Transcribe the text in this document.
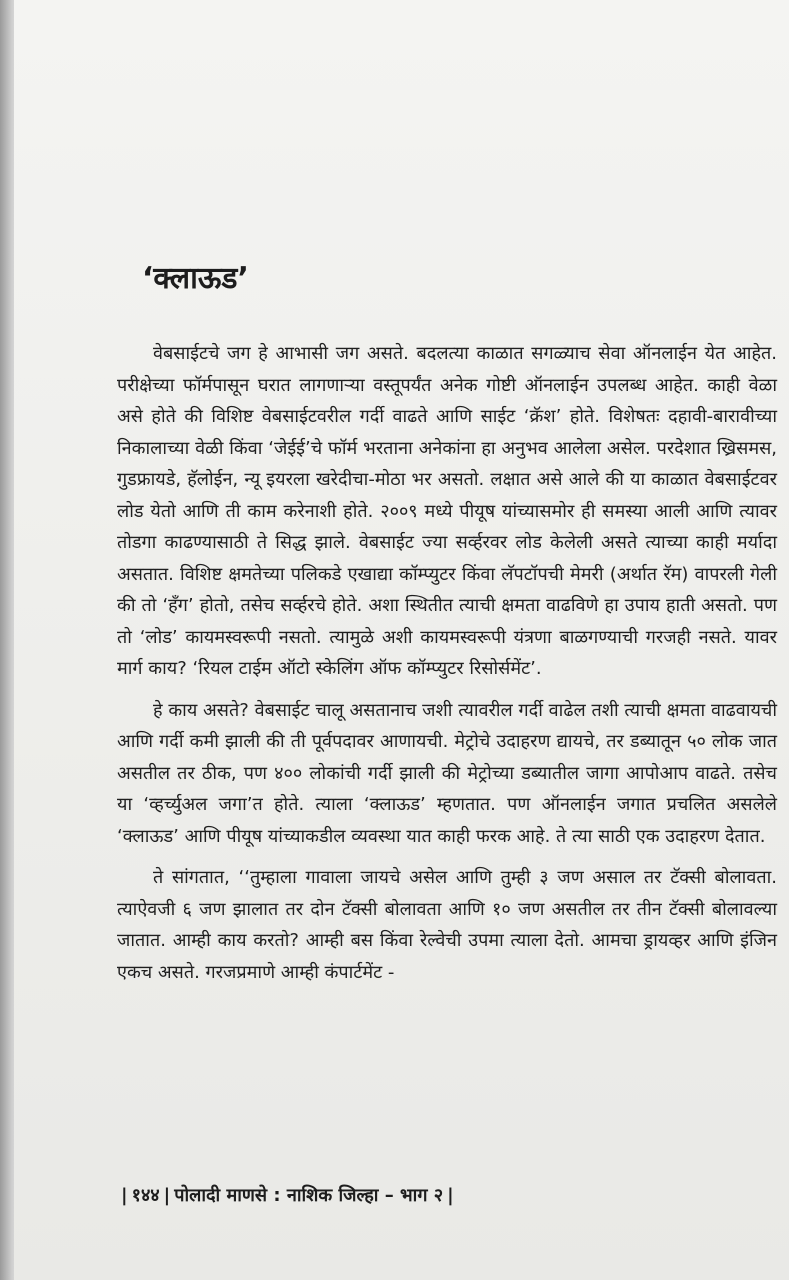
‘क्लाऊड’

वेबसाईटचे जग हे आभासी जग असते. बदलत्या काळात सगळ्याच सेवा ऑनलाईन येत आहेत. परीक्षेच्या फॉर्मपासून घरात लागणाऱ्या वस्तूपर्यंत अनेक गोष्टी ऑनलाईन उपलब्ध आहेत. काही वेळा असे होते की विशिष्ट वेबसाईटवरील गर्दी वाढते आणि साईट ‘क्रॅश’ होते. विशेषतः दहावी-बारावीच्या निकालाच्या वेळी किंवा ‘जेईई’चे फॉर्म भरताना अनेकांना हा अनुभव आलेला असेल. परदेशात ख्रिसमस, गुडफ्रायडे, हॅलोईन, न्यू इयरला खरेदीचा-मोठा भर असतो. लक्षात असे आले की या काळात वेबसाईटवर लोड येतो आणि ती काम करेनाशी होते. २००९ मध्ये पीयूष यांच्यासमोर ही समस्या आली आणि त्यावर तोडगा काढण्यासाठी ते सिद्ध झाले. वेबसाईट ज्या सर्व्हरवर लोड केलेली असते त्याच्या काही मर्यादा असतात. विशिष्ट क्षमतेच्या पलिकडे एखाद्या कॉम्प्युटर किंवा लॅपटॉपची मेमरी (अर्थात रॅम) वापरली गेली की तो ‘हँग’ होतो, तसेच सर्व्हरचे होते. अशा स्थितीत त्याची क्षमता वाढविणे हा उपाय हाती असतो. पण तो ‘लोड’ कायमस्वरूपी नसतो. त्यामुळे अशी कायमस्वरूपी यंत्रणा बाळगण्याची गरजही नसते. यावर मार्ग काय? ‘रियल टाईम ऑटो स्केलिंग ऑफ कॉम्प्युटर रिसोर्समेंट’.

हे काय असते? वेबसाईट चालू असतानाच जशी त्यावरील गर्दी वाढेल तशी त्याची क्षमता वाढवायची आणि गर्दी कमी झाली की ती पूर्वपदावर आणायची. मेट्रोचे उदाहरण द्यायचे, तर डब्यातून ५० लोक जात असतील तर ठीक, पण ४०० लोकांची गर्दी झाली की मेट्रोच्या डब्यातील जागा आपोआप वाढते. तसेच या ‘व्हर्च्युअल जगा’त होते. त्याला ‘क्लाऊड’ म्हणतात. पण ऑनलाईन जगात प्रचलित असलेले ‘क्लाऊड’ आणि पीयूष यांच्याकडील व्यवस्था यात काही फरक आहे. ते त्या साठी एक उदाहरण देतात.

ते सांगतात, ‘‘तुम्हाला गावाला जायचे असेल आणि तुम्ही ३ जण असाल तर टॅक्सी बोलावता. त्याऐवजी ६ जण झालात तर दोन टॅक्सी बोलावता आणि १० जण असतील तर तीन टॅक्सी बोलावल्या जातात. आम्ही काय करतो? आम्ही बस किंवा रेल्वेची उपमा त्याला देतो. आमचा ड्रायव्हर आणि इंजिन एकच असते. गरजप्रमाणे आम्ही कंपार्टमेंट -

| १४४ | पोलादी माणसे : नाशिक जिल्हा – भाग २ |
